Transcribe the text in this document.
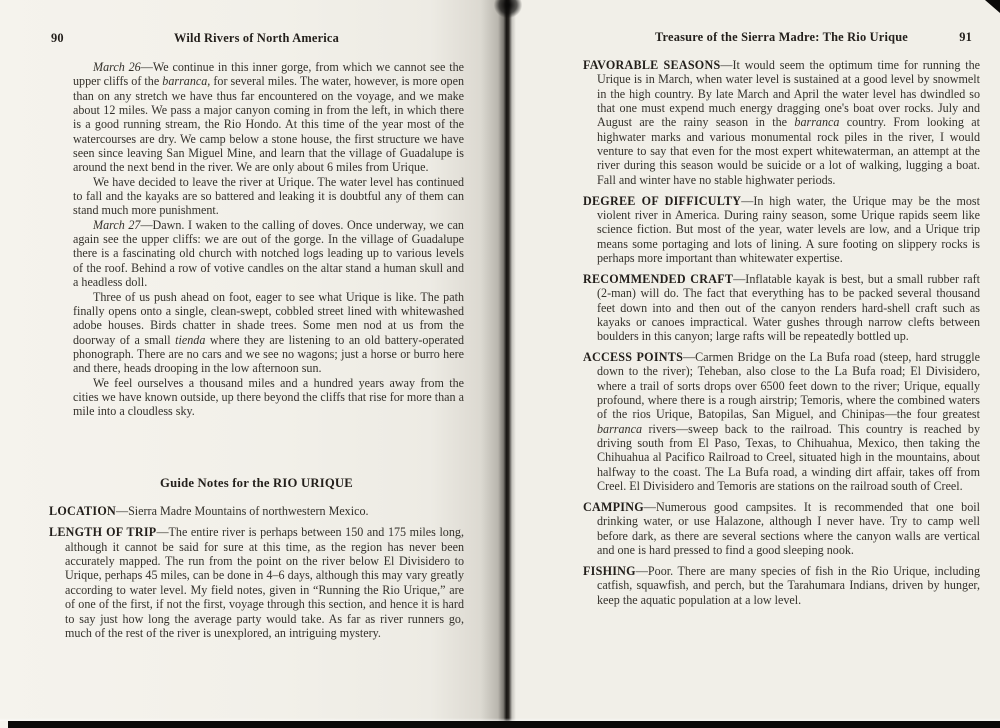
90	Wild Rivers of North America

March 26—We continue in this inner gorge, from which we cannot see the upper cliffs of the barranca, for several miles. The water, however, is more open than on any stretch we have thus far encountered on the voyage, and we make about 12 miles. We pass a major canyon coming in from the left, in which there is a good running stream, the Rio Hondo. At this time of the year most of the watercourses are dry. We camp below a stone house, the first structure we have seen since leaving San Miguel Mine, and learn that the village of Guadalupe is around the next bend in the river. We are only about 6 miles from Urique.

We have decided to leave the river at Urique. The water level has continued to fall and the kayaks are so battered and leaking it is doubtful any of them can stand much more punishment.

March 27—Dawn. I waken to the calling of doves. Once underway, we can again see the upper cliffs: we are out of the gorge. In the village of Guadalupe there is a fascinating old church with notched logs leading up to various levels of the roof. Behind a row of votive candles on the altar stand a human skull and a headless doll.

Three of us push ahead on foot, eager to see what Urique is like. The path finally opens onto a single, clean-swept, cobbled street lined with whitewashed adobe houses. Birds chatter in shade trees. Some men nod at us from the doorway of a small tienda where they are listening to an old battery-operated phonograph. There are no cars and we see no wagons; just a horse or burro here and there, heads drooping in the low afternoon sun.

We feel ourselves a thousand miles and a hundred years away from the cities we have known outside, up there beyond the cliffs that rise for more than a mile into a cloudless sky.

Guide Notes for the RIO URIQUE

LOCATION—Sierra Madre Mountains of northwestern Mexico.

LENGTH OF TRIP—The entire river is perhaps between 150 and 175 miles long, although it cannot be said for sure at this time, as the region has never been accurately mapped. The run from the point on the river below El Divisidero to Urique, perhaps 45 miles, can be done in 4–6 days, although this may vary greatly according to water level. My field notes, given in “Running the Rio Urique,” are of one of the first, if not the first, voyage through this section, and hence it is hard to say just how long the average party would take. As far as river runners go, much of the rest of the river is unexplored, an intriguing mystery.

Treasure of the Sierra Madre: The Rio Urique	91

FAVORABLE SEASONS—It would seem the optimum time for running the Urique is in March, when water level is sustained at a good level by snowmelt in the high country. By late March and April the water level has dwindled so that one must expend much energy dragging one's boat over rocks. July and August are the rainy season in the barranca country. From looking at highwater marks and various monumental rock piles in the river, I would venture to say that even for the most expert whitewaterman, an attempt at the river during this season would be suicide or a lot of walking, lugging a boat. Fall and winter have no stable highwater periods.

DEGREE OF DIFFICULTY—In high water, the Urique may be the most violent river in America. During rainy season, some Urique rapids seem like science fiction. But most of the year, water levels are low, and a Urique trip means some portaging and lots of lining. A sure footing on slippery rocks is perhaps more important than whitewater expertise.

RECOMMENDED CRAFT—Inflatable kayak is best, but a small rubber raft (2-man) will do. The fact that everything has to be packed several thousand feet down into and then out of the canyon renders hard-shell craft such as kayaks or canoes impractical. Water gushes through narrow clefts between boulders in this canyon; large rafts will be repeatedly bottled up.

ACCESS POINTS—Carmen Bridge on the La Bufa road (steep, hard struggle down to the river); Teheban, also close to the La Bufa road; El Divisidero, where a trail of sorts drops over 6500 feet down to the river; Urique, equally profound, where there is a rough airstrip; Temoris, where the combined waters of the rios Urique, Batopilas, San Miguel, and Chinipas—the four greatest barranca rivers—sweep back to the railroad. This country is reached by driving south from El Paso, Texas, to Chihuahua, Mexico, then taking the Chihuahua al Pacifico Railroad to Creel, situated high in the mountains, about halfway to the coast. The La Bufa road, a winding dirt affair, takes off from Creel. El Divisidero and Temoris are stations on the railroad south of Creel.

CAMPING—Numerous good campsites. It is recommended that one boil drinking water, or use Halazone, although I never have. Try to camp well before dark, as there are several sections where the canyon walls are vertical and one is hard pressed to find a good sleeping nook.

FISHING—Poor. There are many species of fish in the Rio Urique, including catfish, squawfish, and perch, but the Tarahumara Indians, driven by hunger, keep the aquatic population at a low level.
